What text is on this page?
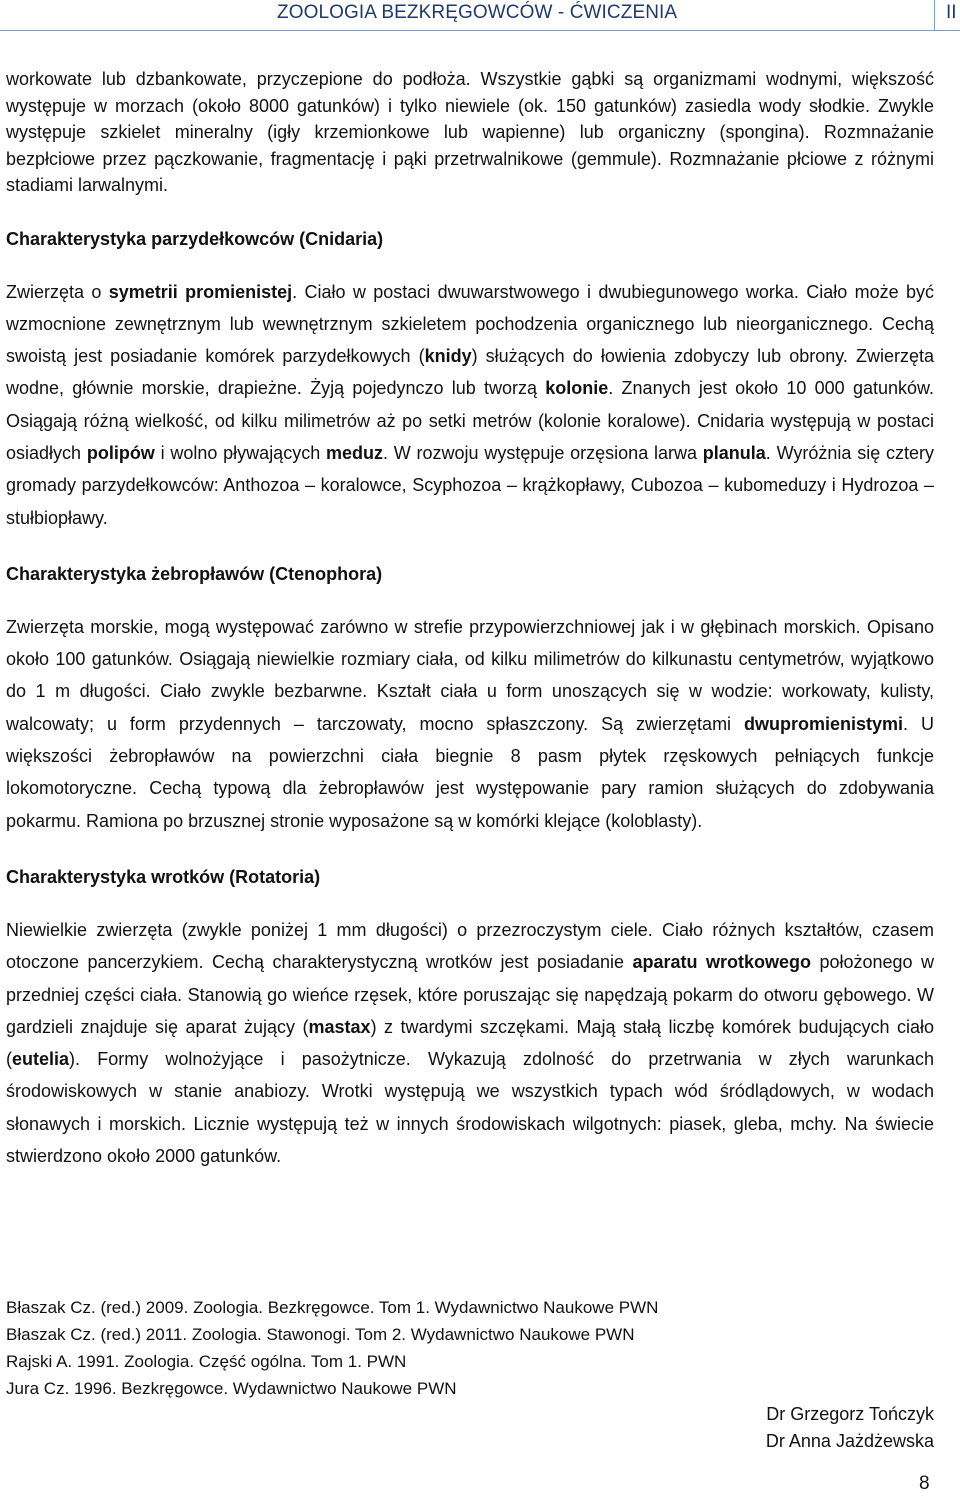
ZOOLOGIA BEZKRĘGOWCÓW - ĆWICZENIA	II

workowate lub dzbankowate, przyczepione do podłoża. Wszystkie gąbki są organizmami wodnymi, większość występuje w morzach (około 8000 gatunków) i tylko niewiele (ok. 150 gatunków) zasiedla wody słodkie. Zwykle występuje szkielet mineralny (igły krzemionkowe lub wapienne) lub organiczny (spongina). Rozmnażanie bezpłciowe przez pączkowanie, fragmentację i pąki przetrwalnikowe (gemmule). Rozmnażanie płciowe z różnymi stadiami larwalnymi.

Charakterystyka parzydełkowców (Cnidaria)

Zwierzęta o symetrii promienistej. Ciało w postaci dwuwarstwowego i dwubiegunowego worka. Ciało może być wzmocnione zewnętrznym lub wewnętrznym szkieletem pochodzenia organicznego lub nieorganicznego. Cechą swoistą jest posiadanie komórek parzydełkowych (knidy) służących do łowienia zdobyczy lub obrony. Zwierzęta wodne, głównie morskie, drapieżne. Żyją pojedynczo lub tworzą kolonie. Znanych jest około 10 000 gatunków. Osiągają różną wielkość, od kilku milimetrów aż po setki metrów (kolonie koralowe). Cnidaria występują w postaci osiadłych polipów i wolno pływających meduz. W rozwoju występuje orzęsiona larwa planula. Wyróżnia się cztery gromady parzydełkowców: Anthozoa – koralowce, Scyphozoa – krążkopławy, Cubozoa – kubomeduzy i Hydrozoa – stułbiopławy.

Charakterystyka żebropławów (Ctenophora)

Zwierzęta morskie, mogą występować zarówno w strefie przypowierzchniowej jak i w głębinach morskich. Opisano około 100 gatunków. Osiągają niewielkie rozmiary ciała, od kilku milimetrów do kilkunastu centymetrów, wyjątkowo do 1 m długości. Ciało zwykle bezbarwne. Kształt ciała u form unoszących się w wodzie: workowaty, kulisty, walcowaty; u form przydennych – tarczowaty, mocno spłaszczony. Są zwierzętami dwupromienistymi. U większości żebropławów na powierzchni ciała biegnie 8 pasm płytek rzęskowych pełniących funkcje lokomotoryczne. Cechą typową dla żebropławów jest występowanie pary ramion służących do zdobywania pokarmu. Ramiona po brzusznej stronie wyposażone są w komórki klejące (koloblasty).

Charakterystyka wrotków (Rotatoria)

Niewielkie zwierzęta (zwykle poniżej 1 mm długości) o przezroczystym ciele. Ciało różnych kształtów, czasem otoczone pancerzykiem. Cechą charakterystyczną wrotków jest posiadanie aparatu wrotkowego położonego w przedniej części ciała. Stanowią go wieńce rzęsek, które poruszając się napędzają pokarm do otworu gębowego. W gardzieli znajduje się aparat żujący (mastax) z twardymi szczękami. Mają stałą liczbę komórek budujących ciało (eutelia). Formy wolnożyjące i pasożytnicze. Wykazują zdolność do przetrwania w złych warunkach środowiskowych w stanie anabiozy. Wrotki występują we wszystkich typach wód śródlądowych, w wodach słonawych i morskich. Licznie występują też w innych środowiskach wilgotnych: piasek, gleba, mchy. Na świecie stwierdzono około 2000 gatunków.

Błaszak Cz. (red.) 2009. Zoologia. Bezkręgowce. Tom 1. Wydawnictwo Naukowe PWN
Błaszak Cz. (red.) 2011. Zoologia. Stawonogi. Tom 2. Wydawnictwo Naukowe PWN
Rajski A. 1991. Zoologia. Część ogólna. Tom 1. PWN
Jura Cz. 1996. Bezkręgowce. Wydawnictwo Naukowe PWN
Dr Grzegorz Tończyk
Dr Anna Jażdżewska
8
